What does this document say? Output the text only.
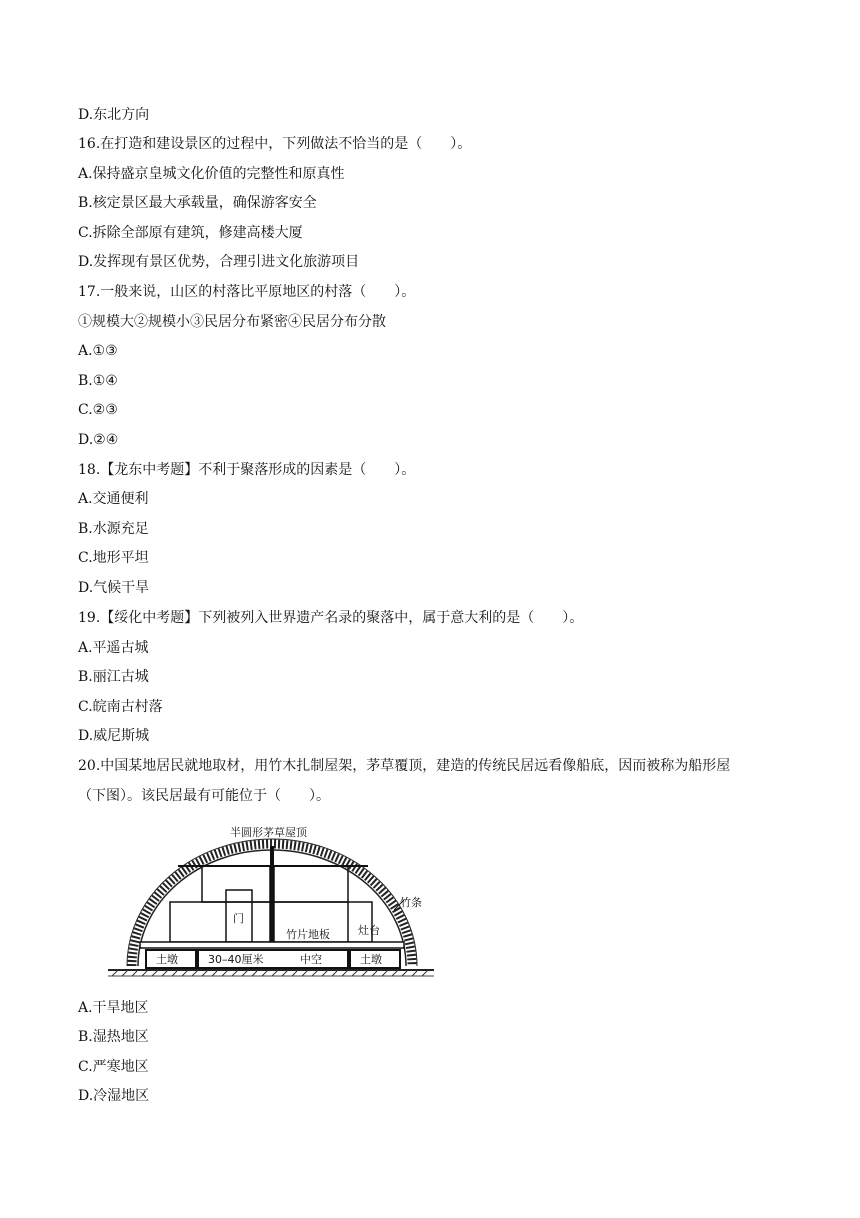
D.东北方向
16.在打造和建设景区的过程中，下列做法不恰当的是（　　）。
A.保持盛京皇城文化价值的完整性和原真性
B.核定景区最大承载量，确保游客安全
C.拆除全部原有建筑，修建高楼大厦
D.发挥现有景区优势，合理引进文化旅游项目
17.一般来说，山区的村落比平原地区的村落（　　）。
①规模大②规模小③民居分布紧密④民居分布分散
A.①③
B.①④
C.②③
D.②④
18.【龙东中考题】不利于聚落形成的因素是（　　）。
A.交通便利
B.水源充足
C.地形平坦
D.气候干旱
19.【绥化中考题】下列被列入世界遗产名录的聚落中，属于意大利的是（　　）。
A.平遥古城
B.丽江古城
C.皖南古村落
D.威尼斯城
20.中国某地居民就地取材，用竹木扎制屋架，茅草覆顶，建造的传统民居远看像船底，因而被称为船形屋
（下图）。该民居最有可能位于（　　）。
半圆形茅草屋顶
竹条
门
竹片地板	灶 台
土墩	30–40厘米	中空	土墩
A.干旱地区
B.湿热地区
C.严寒地区
D.冷湿地区
